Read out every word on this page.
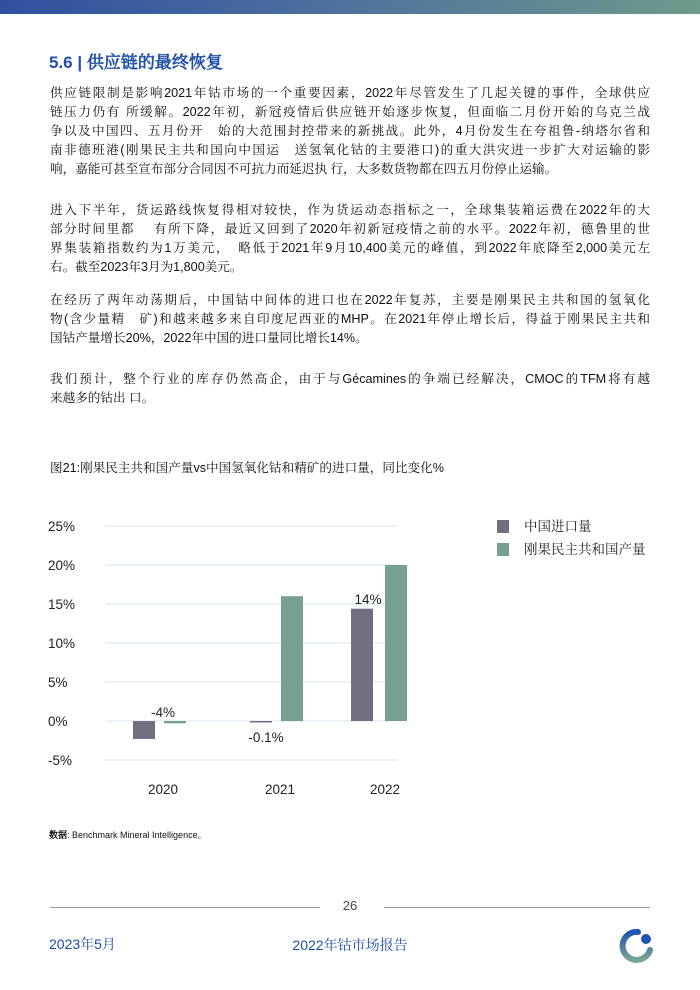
5.6 | 供应链的最终恢复
供应链限制是影响2021年钴市场的一个重要因素，2022年尽管发生了几起关键的事件，全球供应
链压力仍有 所缓解。2022年初，新冠疫情后供应链开始逐步恢复，但面临二月份开始的乌克兰战
争以及中国四、五月份开　始的大范围封控带来的新挑战。此外，4月份发生在夸祖鲁-纳塔尔省和
南非德班港(刚果民主共和国向中国运　送氢氧化钴的主要港口)的重大洪灾进一步扩大对运输的影
响，嘉能可甚至宣布部分合同因不可抗力而延迟执 行，大多数货物都在四五月份停止运输。
进入下半年，货运路线恢复得相对较快，作为货运动态指标之一，全球集装箱运费在2022年的大
部分时间里都　 有所下降，最近又回到了2020年初新冠疫情之前的水平。2022年初，德鲁里的世
界集装箱指数约为1万美元，　略低于2021年9月10,400美元的峰值，到2022年底降至2,000美元左
右。截至2023年3月为1,800美元。
在经历了两年动荡期后，中国钴中间体的进口也在2022年复苏，主要是刚果民主共和国的氢氧化
物(含少量精　矿)和越来越多来自印度尼西亚的MHP。在2021年停止增长后，得益于刚果民主共和
国钴产量增长20%，2022年中国的进口量同比增长14%。
我们预计，整个行业的库存仍然高企，由于与Gécamines的争端已经解决，CMOC的TFM将有越
来越多的钴出 口。
图21:刚果民主共和国产量vs中国氢氧化钴和精矿的进口量，同比变化%
25%
20%
15%
10%
5%
0%
-5%
-4%
-0.1%
14%
2020	2021	2022
中国进口量
刚果民主共和国产量
数据: Benchmark Mineral Intelligence。
26
2023年5月	2022年钴市场报告
